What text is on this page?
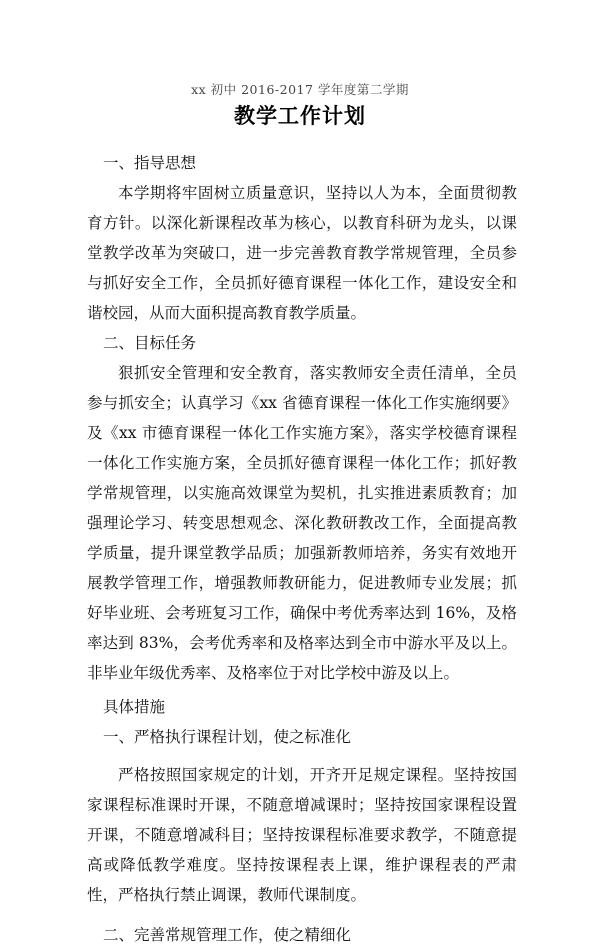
xx 初中 2016-2017 学年度第二学期
教学工作计划

一、指导思想

本学期将牢固树立质量意识，坚持以人为本，全面贯彻教育方针。以深化新课程改革为核心，以教育科研为龙头，以课堂教学改革为突破口，进一步完善教育教学常规管理，全员参与抓好安全工作，全员抓好德育课程一体化工作，建设安全和谐校园，从而大面积提高教育教学质量。

二、目标任务

狠抓安全管理和安全教育，落实教师安全责任清单，全员参与抓安全；认真学习《xx 省德育课程一体化工作实施纲要》及《xx 市德育课程一体化工作实施方案》，落实学校德育课程一体化工作实施方案，全员抓好德育课程一体化工作；抓好教学常规管理，以实施高效课堂为契机，扎实推进素质教育；加强理论学习、转变思想观念、深化教研教改工作，全面提高教学质量，提升课堂教学品质；加强新教师培养，务实有效地开展教学管理工作，增强教师教研能力，促进教师专业发展；抓好毕业班、会考班复习工作，确保中考优秀率达到 16%，及格率达到 83%，会考优秀率和及格率达到全市中游水平及以上。非毕业年级优秀率、及格率位于对比学校中游及以上。

具体措施

一、严格执行课程计划，使之标准化

严格按照国家规定的计划，开齐开足规定课程。坚持按国家课程标准课时开课，不随意增减课时；坚持按国家课程设置开课，不随意增减科目；坚持按课程标准要求教学，不随意提高或降低教学难度。坚持按课程表上课，维护课程表的严肃性，严格执行禁止调课，教师代课制度。

二、完善常规管理工作，使之精细化
